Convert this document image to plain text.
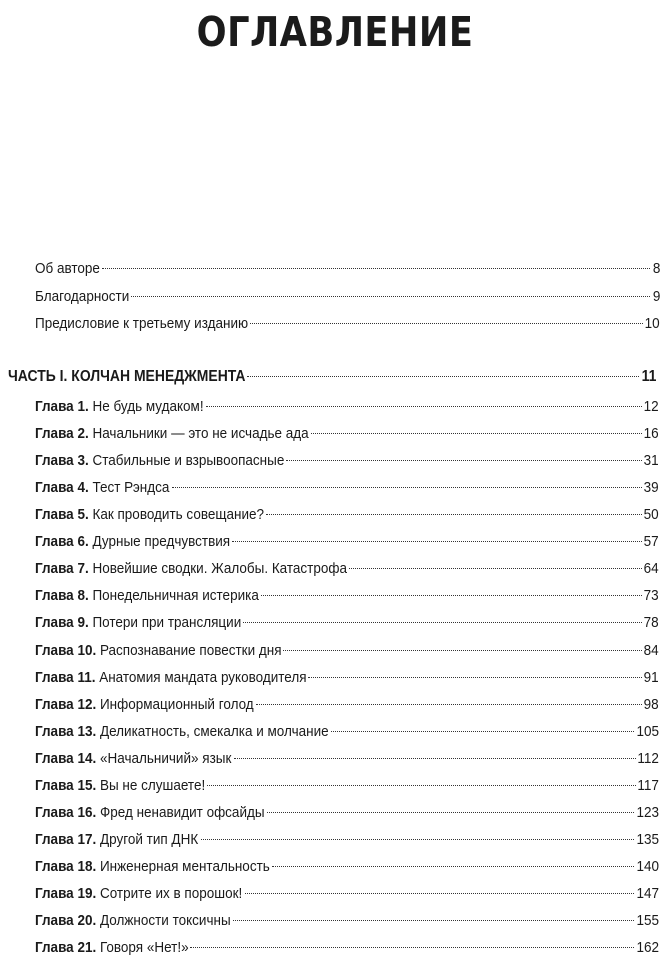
ОГЛАВЛЕНИЕ
Об авторе	8
Благодарности	9
Предисловие к третьему изданию	10
ЧАСТЬ I. КОЛЧАН МЕНЕДЖМЕНТА	11
Глава 1. Не будь мудаком!	12
Глава 2. Начальники — это не исчадье ада	16
Глава 3. Стабильные и взрывоопасные	31
Глава 4. Тест Рэндса	39
Глава 5. Как проводить совещание?	50
Глава 6. Дурные предчувствия	57
Глава 7. Новейшие сводки. Жалобы. Катастрофа	64
Глава 8. Понедельничная истерика	73
Глава 9. Потери при трансляции	78
Глава 10. Распознавание повестки дня	84
Глава 11. Анатомия мандата руководителя	91
Глава 12. Информационный голод	98
Глава 13. Деликатность, смекалка и молчание	105
Глава 14. «Начальничий» язык	112
Глава 15. Вы не слушаете!	117
Глава 16. Фред ненавидит офсайды	123
Глава 17. Другой тип ДНК	135
Глава 18. Инженерная ментальность	140
Глава 19. Сотрите их в порошок!	147
Глава 20. Должности токсичны	155
Глава 21. Говоря «Нет!»	162
